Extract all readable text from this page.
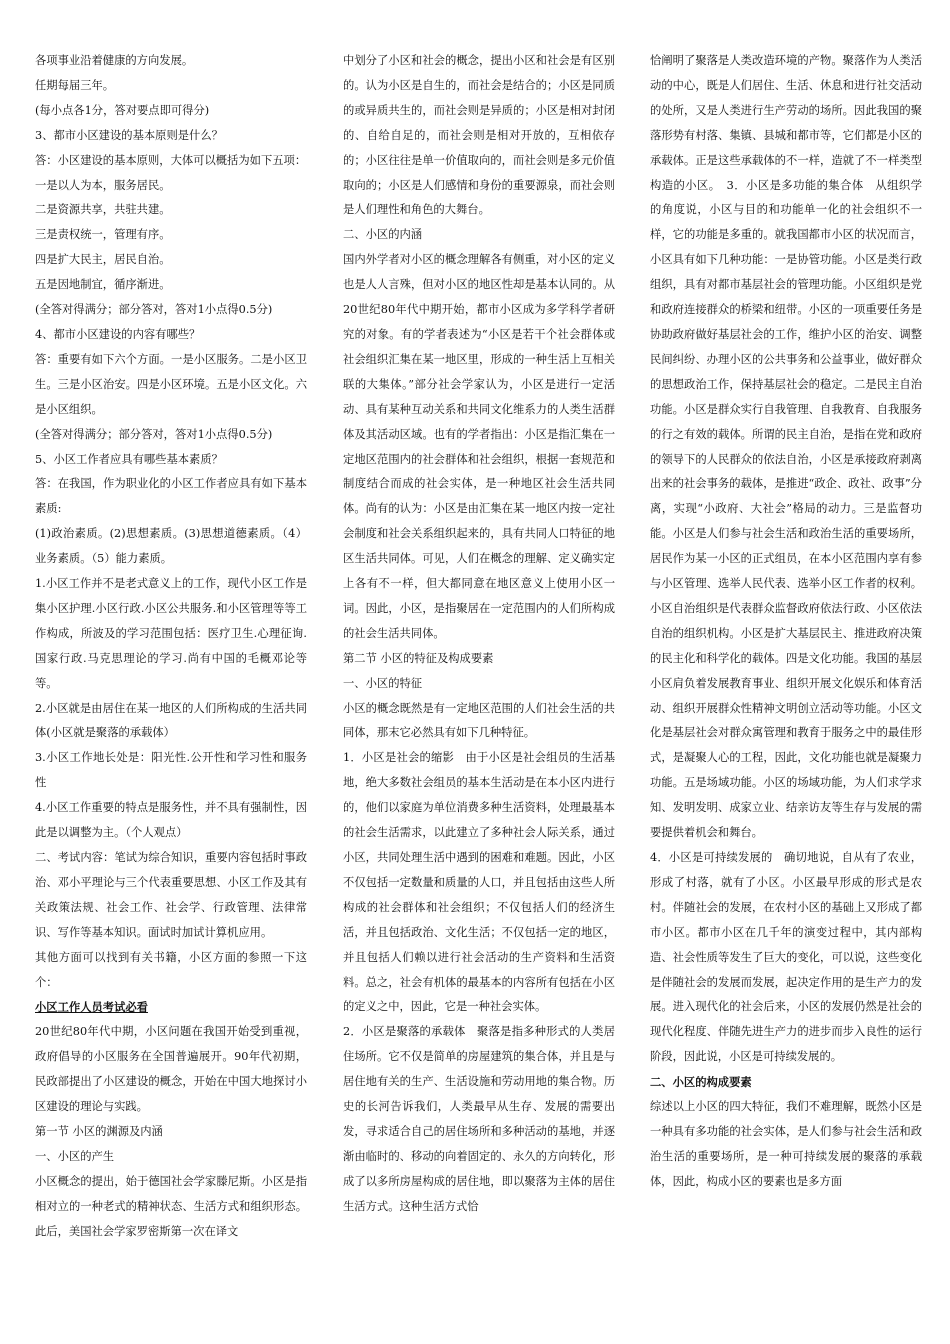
各项事业沿着健康的方向发展。

任期每届三年。

(每小点各1分，答对要点即可得分)

3、都市小区建设的基本原则是什么？

答：小区建设的基本原则，大体可以概括为如下五项：

一是以人为本，服务居民。

二是资源共享，共驻共建。

三是责权统一，管理有序。

四是扩大民主，居民自治。

五是因地制宜，循序渐进。

(全答对得满分；部分答对，答对1小点得0.5分)

4、都市小区建设的内容有哪些？

答：重要有如下六个方面。一是小区服务。二是小区卫生。三是小区治安。四是小区环境。五是小区文化。六是小区组织。

(全答对得满分；部分答对，答对1小点得0.5分)

5、小区工作者应具有哪些基本素质？

答：在我国，作为职业化的小区工作者应具有如下基本素质:

(1)政治素质。(2)思想素质。(3)思想道德素质。（4）业务素质。（5）能力素质。

1.小区工作并不是老式意义上的工作，现代小区工作是集小区护理.小区行政.小区公共服务.和小区管理等等工作构成，所波及的学习范围包括：医疗卫生.心理征询.国家行政.马克思理论的学习.尚有中国的毛概邓论等等。

2.小区就是由居住在某一地区的人们所构成的生活共同体(小区就是聚落的承载体）

3.小区工作地长处是：阳光性.公开性和学习性和服务性

4.小区工作重要的特点是服务性，并不具有强制性，因此是以调整为主。（个人观点）

二、考试内容：笔试为综合知识，重要内容包括时事政治、邓小平理论与三个代表重要思想、小区工作及其有关政策法规、社会工作、社会学、行政管理、法律常识、写作等基本知识。面试时加试计算机应用。

其他方面可以找到有关书籍，小区方面的参照一下这个：

小区工作人员考试必看

20世纪80年代中期，小区问题在我国开始受到重视，政府倡导的小区服务在全国普遍展开。90年代初期，民政部提出了小区建设的概念，开始在中国大地探讨小区建设的理论与实践。

第一节 小区的渊源及内涵

一、小区的产生

小区概念的提出，始于德国社会学家滕尼斯。小区是指相对立的一种老式的精神状态、生活方式和组织形态。此后，美国社会学家罗密斯第一次在译文

中划分了小区和社会的概念，提出小区和社会是有区别的。认为小区是自生的，而社会是结合的；小区是同质的或异质共生的，而社会则是异质的；小区是相对封闭的、自给自足的，而社会则是相对开放的，互相依存的；小区往往是单一价值取向的，而社会则是多元价值取向的；小区是人们感情和身份的重要源泉，而社会则是人们理性和角色的大舞台。

二、小区的内涵

国内外学者对小区的概念理解各有侧重，对小区的定义也是人人言殊，但对小区的地区性却是基本认同的。从20世纪80年代中期开始，都市小区成为多学科学者研究的对象。有的学者表述为“小区是若干个社会群体或社会组织汇集在某一地区里，形成的一种生活上互相关联的大集体。”部分社会学家认为，小区是进行一定活动、具有某种互动关系和共同文化维系力的人类生活群体及其活动区域。也有的学者指出：小区是指汇集在一定地区范围内的社会群体和社会组织，根据一套规范和制度结合而成的社会实体，是一种地区社会生活共同体。尚有的认为：小区是由汇集在某一地区内按一定社会制度和社会关系组织起来的，具有共同人口特征的地区生活共同体。可见，人们在概念的理解、定义确实定上各有不一样，但大都同意在地区意义上使用小区一词。因此，小区，是指聚居在一定范围内的人们所构成的社会生活共同体。

第二节 小区的特征及构成要素

一、小区的特征

小区的概念既然是有一定地区范围的人们社会生活的共同体，那末它必然具有如下几种特征。

1．小区是社会的缩影　由于小区是社会组员的生活基地，绝大多数社会组员的基本生活动是在本小区内进行的，他们以家庭为单位消费多种生活资料，处理最基本的社会生活需求，以此建立了多种社会人际关系，通过小区，共同处理生活中遇到的困难和难题。因此，小区不仅包括一定数量和质量的人口，并且包括由这些人所构成的社会群体和社会组织；不仅包括人们的经济生活，并且包括政治、文化生活；不仅包括一定的地区，并且包括人们赖以进行社会活动的生产资料和生活资料。总之，社会有机体的最基本的内容所有包括在小区的定义之中，因此，它是一种社会实体。

2．小区是聚落的承载体　聚落是指多种形式的人类居住场所。它不仅是简单的房屋建筑的集合体，并且是与居住地有关的生产、生活设施和劳动用地的集合物。历史的长河告诉我们，人类最早从生存、发展的需要出发，寻求适合自己的居住场所和多种活动的基地，并逐渐由临时的、移动的向着固定的、永久的方向转化，形成了以多所房屋构成的居住地，即以聚落为主体的居住生活方式。这种生活方式恰

恰阐明了聚落是人类改造环境的产物。聚落作为人类活动的中心，既是人们居住、生活、休息和进行社交活动的处所，又是人类进行生产劳动的场所。因此我国的聚落形势有村落、集镇、县城和都市等，它们都是小区的承载体。正是这些承载体的不一样，造就了不一样类型构造的小区。　3．小区是多功能的集合体　从组织学的角度说，小区与目的和功能单一化的社会组织不一样，它的功能是多重的。就我国都市小区的状况而言，小区具有如下几种功能：一是协管功能。小区是类行政组织，具有对都市基层社会的管理功能。小区组织是党和政府连接群众的桥梁和纽带。小区的一项重要任务是协助政府做好基层社会的工作，维护小区的治安、调整民间纠纷、办理小区的公共事务和公益事业，做好群众的思想政治工作，保持基层社会的稳定。二是民主自治功能。小区是群众实行自我管理、自我教育、自我服务的行之有效的载体。所谓的民主自治，是指在党和政府的领导下的人民群众的依法自治，小区是承接政府剥离出来的社会事务的载体，是推进“政企、政社、政事”分离，实现“小政府、大社会”格局的动力。三是监督功能。小区是人们参与社会生活和政治生活的重要场所，居民作为某一小区的正式组员，在本小区范围内享有参与小区管理、选举人民代表、选举小区工作者的权利。小区自治组织是代表群众监督政府依法行政、小区依法自治的组织机构。小区是扩大基层民主、推进政府决策的民主化和科学化的载体。四是文化功能。我国的基层小区肩负着发展教育事业、组织开展文化娱乐和体育活动、组织开展群众性精神文明创立活动等功能。小区文化是基层社会对群众寓管理和教育于服务之中的最佳形式，是凝聚人心的工程，因此，文化功能也就是凝聚力功能。五是场域功能。小区的场域功能，为人们求学求知、发明发明、成家立业、结亲访友等生存与发展的需要提供着机会和舞台。

4．小区是可持续发展的　确切地说，自从有了农业，形成了村落，就有了小区。小区最早形成的形式是农村。伴随社会的发展，在农村小区的基础上又形成了都市小区。都市小区在几千年的演变过程中，其内部构造、社会性质等发生了巨大的变化，可以说，这些变化是伴随社会的发展而发展，起决定作用的是生产力的发展。进入现代化的社会后来，小区的发展仍然是社会的现代化程度、伴随先进生产力的进步而步入良性的运行阶段，因此说，小区是可持续发展的。

二、小区的构成要素

综述以上小区的四大特征，我们不难理解，既然小区是一种具有多功能的社会实体，是人们参与社会生活和政治生活的重要场所，是一种可持续发展的聚落的承载体，因此，构成小区的要素也是多方面
